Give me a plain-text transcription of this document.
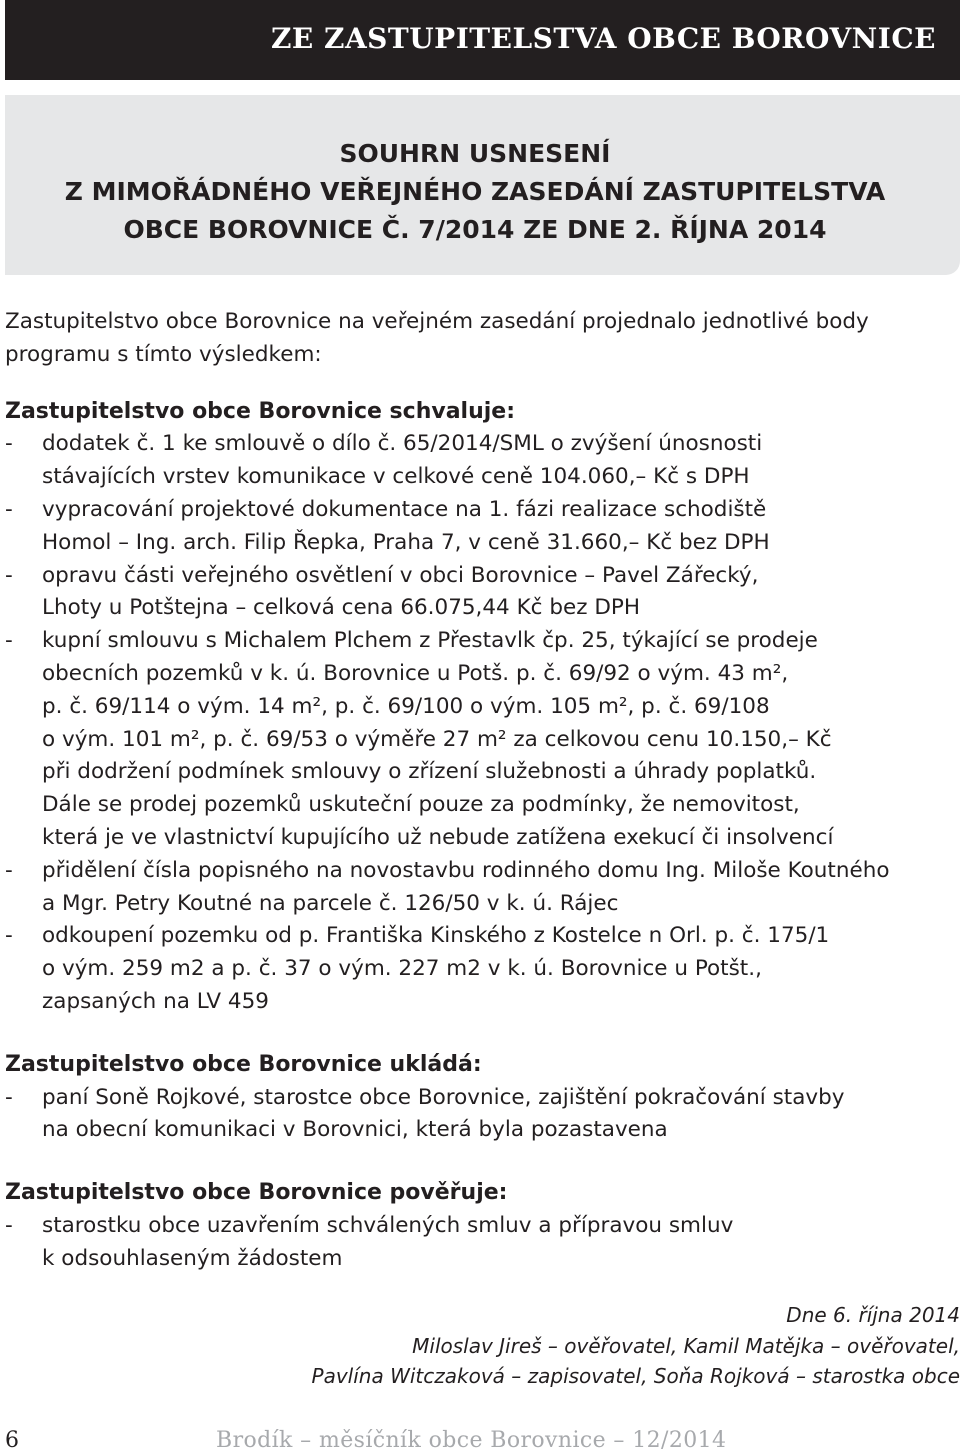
ZE ZASTUPITELSTVA OBCE BOROVNICE
SOUHRN USNESENÍ
Z MIMOŘÁDNÉHO VEŘEJNÉHO ZASEDÁNÍ ZASTUPITELSTVA
OBCE BOROVNICE Č. 7/2014 ZE DNE 2. ŘÍJNA 2014
Zastupitelstvo obce Borovnice na veřejném zasedání projednalo jednotlivé body
programu s tímto výsledkem:
Zastupitelstvo obce Borovnice schvaluje:
- dodatek č. 1 ke smlouvě o dílo č. 65/2014/SML o zvýšení únosnosti
stávajících vrstev komunikace v celkové ceně 104.060,– Kč s DPH
- vypracování projektové dokumentace na 1. fázi realizace schodiště
Homol – Ing. arch. Filip Řepka, Praha 7, v ceně 31.660,– Kč bez DPH
- opravu části veřejného osvětlení v obci Borovnice – Pavel Zářecký,
Lhoty u Potštejna – celková cena 66.075,44 Kč bez DPH
- kupní smlouvu s Michalem Plchem z Přestavlk čp. 25, týkající se prodeje
obecních pozemků v k. ú. Borovnice u Potš. p. č. 69/92 o vým. 43 m²,
p. č. 69/114 o vým. 14 m², p. č. 69/100 o vým. 105 m², p. č. 69/108
o vým. 101 m², p. č. 69/53 o výměře 27 m² za celkovou cenu 10.150,– Kč
při dodržení podmínek smlouvy o zřízení služebnosti a úhrady poplatků.
Dále se prodej pozemků uskuteční pouze za podmínky, že nemovitost,
která je ve vlastnictví kupujícího už nebude zatížena exekucí či insolvencí
- přidělení čísla popisného na novostavbu rodinného domu Ing. Miloše Koutného
a Mgr. Petry Koutné na parcele č. 126/50 v k. ú. Rájec
- odkoupení pozemku od p. Františka Kinského z Kostelce n Orl. p. č. 175/1
o vým. 259 m2 a p. č. 37 o vým. 227 m2 v k. ú. Borovnice u Potšt.,
zapsaných na LV 459
Zastupitelstvo obce Borovnice ukládá:
- paní Soně Rojkové, starostce obce Borovnice, zajištění pokračování stavby
na obecní komunikaci v Borovnici, která byla pozastavena
Zastupitelstvo obce Borovnice pověřuje:
- starostku obce uzavřením schválených smluv a přípravou smluv
k odsouhlaseným žádostem
Dne 6. října 2014
Miloslav Jireš – ověřovatel, Kamil Matějka – ověřovatel,
Pavlína Witczaková – zapisovatel, Soňa Rojková – starostka obce
6	Brodík – měsíčník obce Borovnice – 12/2014
